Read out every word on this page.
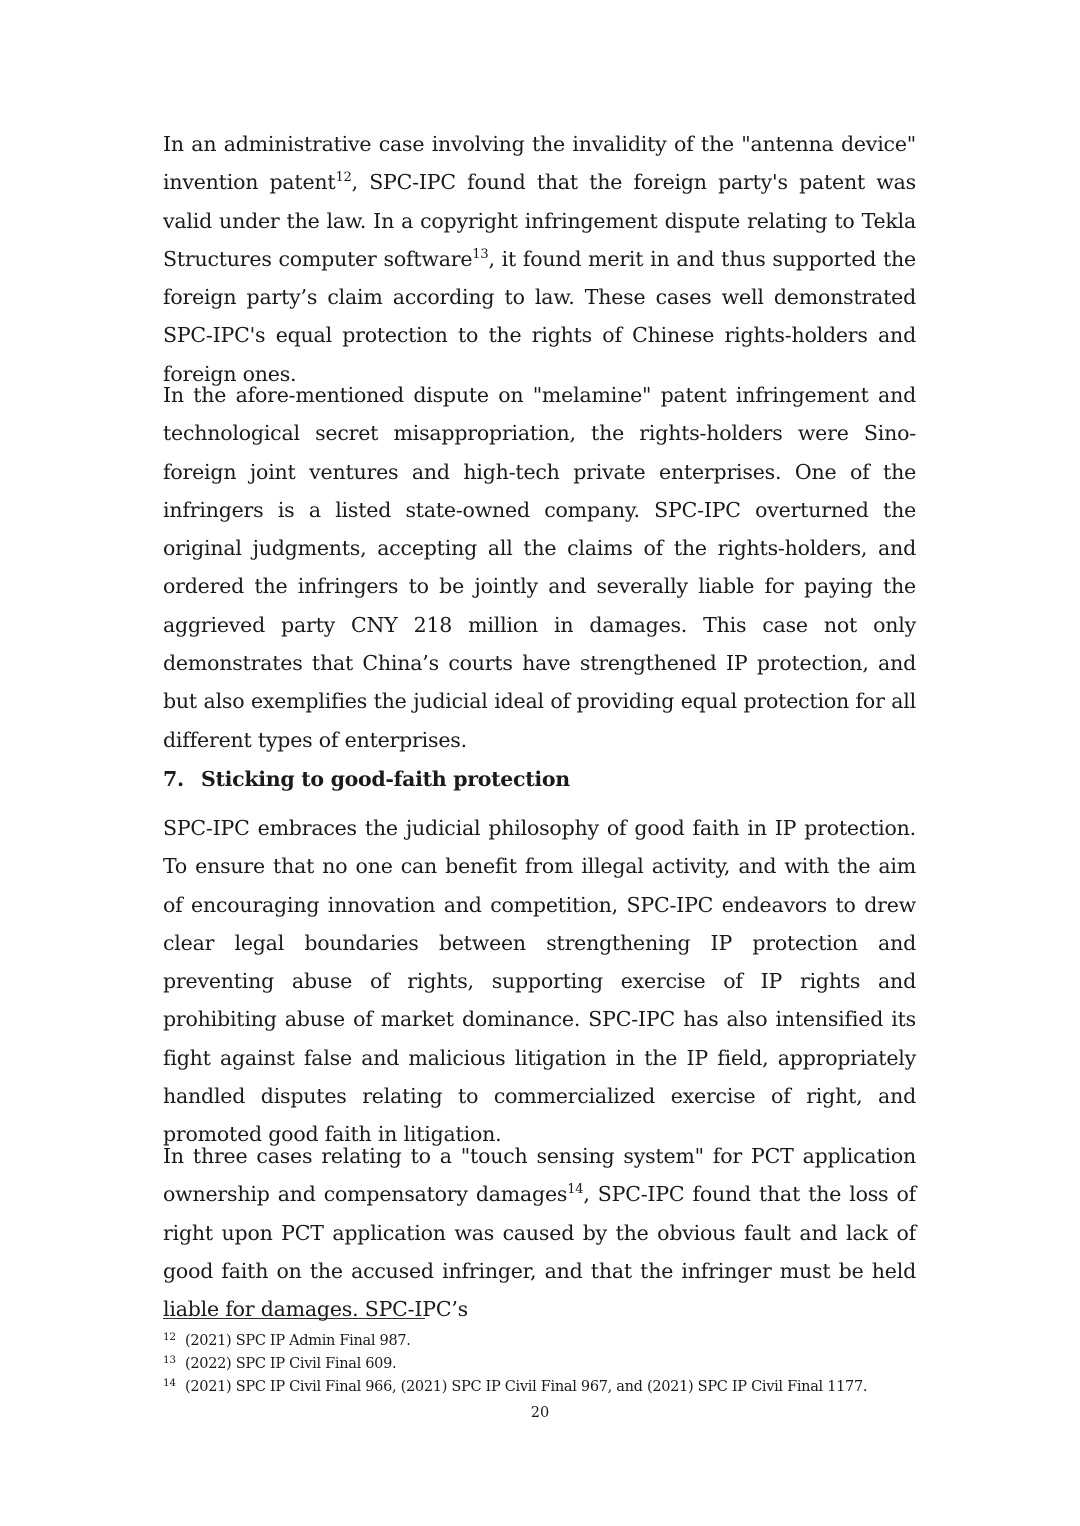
In an administrative case involving the invalidity of the "antenna device" invention patent$^{12}$, SPC-IPC found that the foreign party's patent was valid under the law. In a copyright infringement dispute relating to Tekla Structures computer software$^{13}$, it found merit in and thus supported the foreign party’s claim according to law. These cases well demonstrated SPC-IPC's equal protection to the rights of Chinese rights-holders and foreign ones.

In the afore-mentioned dispute on "melamine" patent infringement and technological secret misappropriation, the rights-holders were Sino-foreign joint ventures and high-tech private enterprises. One of the infringers is a listed state-owned company. SPC-IPC overturned the original judgments, accepting all the claims of the rights-holders, and ordered the infringers to be jointly and severally liable for paying the aggrieved party CNY 218 million in damages. This case not only demonstrates that China’s courts have strengthened IP protection, and but also exemplifies the judicial ideal of providing equal protection for all different types of enterprises.

7. Sticking to good-faith protection

SPC-IPC embraces the judicial philosophy of good faith in IP protection. To ensure that no one can benefit from illegal activity, and with the aim of encouraging innovation and competition, SPC-IPC endeavors to drew clear legal boundaries between strengthening IP protection and preventing abuse of rights, supporting exercise of IP rights and prohibiting abuse of market dominance. SPC-IPC has also intensified its fight against false and malicious litigation in the IP field, appropriately handled disputes relating to commercialized exercise of right, and promoted good faith in litigation.

In three cases relating to a "touch sensing system" for PCT application ownership and compensatory damages$^{14}$, SPC-IPC found that the loss of right upon PCT application was caused by the obvious fault and lack of good faith on the accused infringer, and that the infringer must be held liable for damages. SPC-IPC’s

12 (2021) SPC IP Admin Final 987.
13 (2022) SPC IP Civil Final 609.
14 (2021) SPC IP Civil Final 966, (2021) SPC IP Civil Final 967, and (2021) SPC IP Civil Final 1177.
20
